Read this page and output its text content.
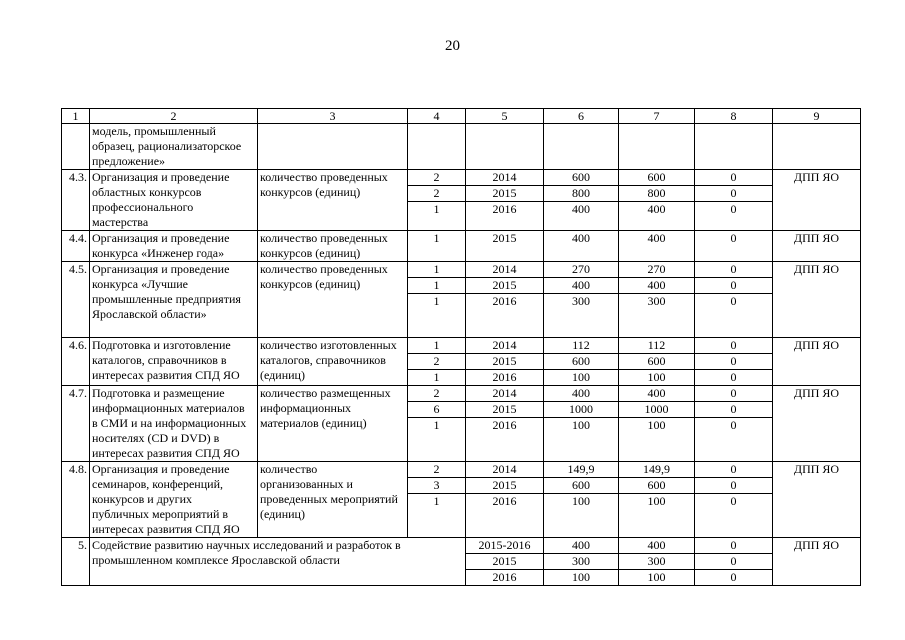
20
1	2	3	4	5	6	7	8	9
	модель, промышленный
образец, рационализаторское
предложение»							
4.3.	Организация и проведение
областных конкурсов
профессионального
мастерства	количество проведенных
конкурсов (единиц)	2	2014	600	600	0	ДПП ЯО
			2	2015	800	800	0	
			1	2016	400	400	0	
4.4.	Организация и проведение
конкурса «Инженер года»	количество проведенных
конкурсов (единиц)	1	2015	400	400	0	ДПП ЯО
4.5.	Организация и проведение
конкурса «Лучшие
промышленные предприятия
Ярославской области»	количество проведенных
конкурсов (единиц)	1	2014	270	270	0	ДПП ЯО
			1	2015	400	400	0	
			1	2016	300	300	0	
4.6.	Подготовка и изготовление
каталогов, справочников в
интересах развития СПД ЯО	количество изготовленных
каталогов, справочников
(единиц)	1	2014	112	112	0	ДПП ЯО
			2	2015	600	600	0	
			1	2016	100	100	0	
4.7.	Подготовка и размещение
информационных материалов
в СМИ и на информационных
носителях (CD и DVD) в
интересах развития СПД ЯО	количество размещенных
информационных
материалов (единиц)	2	2014	400	400	0	ДПП ЯО
			6	2015	1000	1000	0	
			1	2016	100	100	0	
4.8.	Организация и проведение
семинаров, конференций,
конкурсов и других
публичных мероприятий в
интересах развития СПД ЯО	количество
организованных и
проведенных мероприятий
(единиц)	2	2014	149,9	149,9	0	ДПП ЯО
			3	2015	600	600	0	
			1	2016	100	100	0	
5.	Содействие развитию научных исследований и разработок в
промышленном комплексе Ярославской области			2015-2016	400	400	0	ДПП ЯО
				2015	300	300	0	
				2016	100	100	0	
